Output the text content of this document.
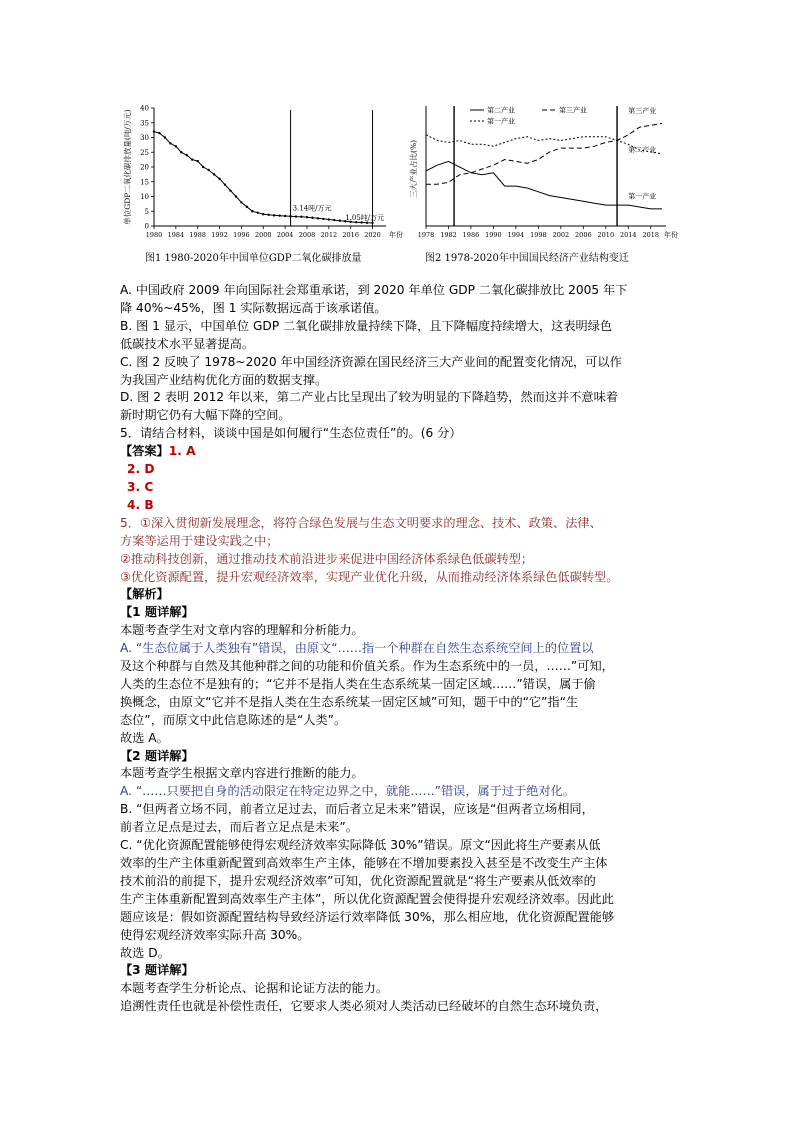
0
5
10
15
20
25
30
35
40
1980 1984 1988 1992 1996 2000 2004 2008 2012 2016 2020 年份
单位GDP二氧化碳排放量(吨/万元)	3.14吨/万元
1.05吨/万元
图1 1980-2020年中国单位GDP二氧化碳排放量
1978 1982 1986 1990 1994 1998 2002 2006 2010 2014 2018 年份
三大产业占比(%)
第二产业	第三产业
第一产业
第三产业
第二产业
第一产业
图2 1978-2020年中国国民经济产业结构变迁

A. 中国政府 2009 年向国际社会郑重承诺，到 2020 年单位 GDP 二氧化碳排放比 2005 年下

降 40%~45%，图 1 实际数据远高于该承诺值。

B. 图 1 显示，中国单位 GDP 二氧化碳排放量持续下降，且下降幅度持续增大，这表明绿色

低碳技术水平显著提高。

C. 图 2 反映了 1978~2020 年中国经济资源在国民经济三大产业间的配置变化情况，可以作

为我国产业结构优化方面的数据支撑。

D. 图 2 表明 2012 年以来，第二产业占比呈现出了较为明显的下降趋势，然而这并不意味着

新时期它仍有大幅下降的空间。

5．请结合材料，谈谈中国是如何履行“生态位责任”的。(6 分）

【答案】1. A

2. D

3. C

4. B

5．①深入贯彻新发展理念，将符合绿色发展与生态文明要求的理念、技术、政策、法律、

方案等运用于建设实践之中；

②推动科技创新，通过推动技术前沿进步来促进中国经济体系绿色低碳转型；

③优化资源配置，提升宏观经济效率，实现产业优化升级，从而推动经济体系绿色低碳转型。

【解析】

【1 题详解】

本题考查学生对文章内容的理解和分析能力。

A. “生态位属于人类独有”错误，由原文“……指一个种群在自然生态系统空间上的位置以

及这个种群与自然及其他种群之间的功能和价值关系。作为生态系统中的一员，……”可知，

人类的生态位不是独有的；“它并不是指人类在生态系统某一固定区域……”错误，属于偷

换概念，由原文“它并不是指人类在生态系统某一固定区域”可知，题干中的“它”指“生

态位”，而原文中此信息陈述的是“人类”。

故选 A。

【2 题详解】

本题考查学生根据文章内容进行推断的能力。

A. “……只要把自身的活动限定在特定边界之中，就能……”错误，属于过于绝对化。

B. “但两者立场不同，前者立足过去，而后者立足未来”错误，应该是“但两者立场相同，

前者立足点是过去，而后者立足点是未来”。

C. “优化资源配置能够使得宏观经济效率实际降低 30%”错误。原文“因此将生产要素从低

效率的生产主体重新配置到高效率生产主体，能够在不增加要素投入甚至是不改变生产主体

技术前沿的前提下，提升宏观经济效率”可知，优化资源配置就是“将生产要素从低效率的

生产主体重新配置到高效率生产主体”，所以优化资源配置会使得提升宏观经济效率。因此此

题应该是：假如资源配置结构导致经济运行效率降低 30%，那么相应地，优化资源配置能够

使得宏观经济效率实际升高 30%。

故选 D。

【3 题详解】

本题考查学生分析论点、论据和论证方法的能力。

追溯性责任也就是补偿性责任，它要求人类必须对人类活动已经破坏的自然生态环境负责，
